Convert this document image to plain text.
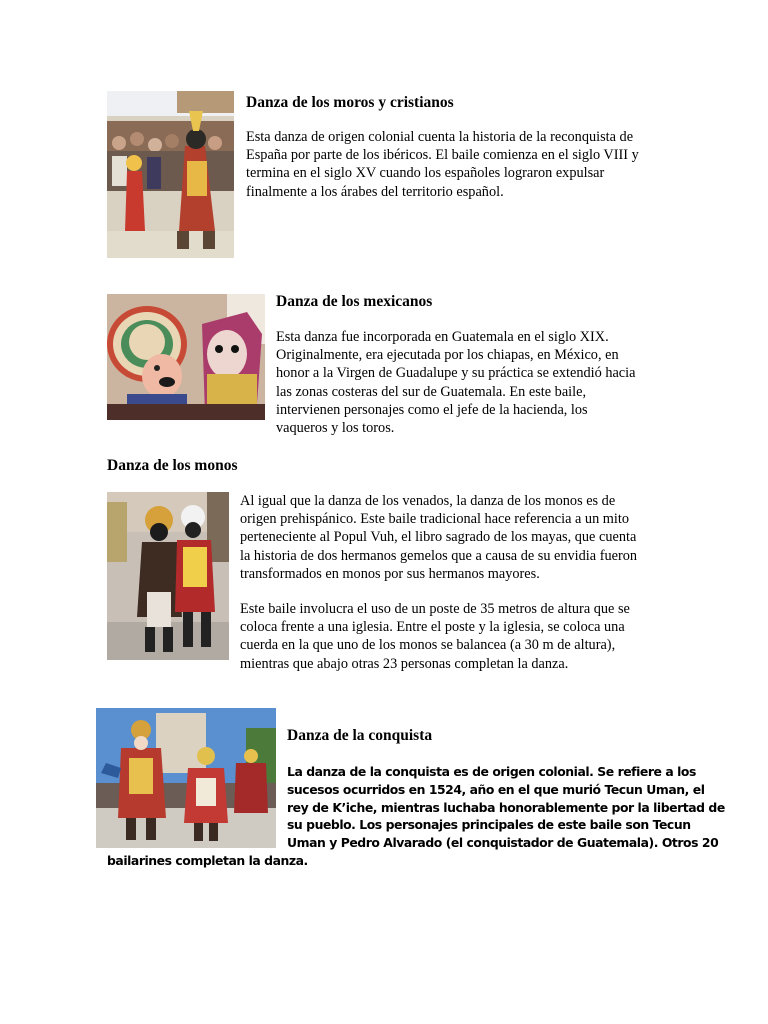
Danza de los moros y cristianos

Esta danza de origen colonial cuenta la historia de la reconquista de

España por parte de los ibéricos. El baile comienza en el siglo VIII y

termina en el siglo XV cuando los españoles lograron expulsar

finalmente a los árabes del territorio español.

Danza de los mexicanos

Esta danza fue incorporada en Guatemala en el siglo XIX.

Originalmente, era ejecutada por los chiapas, en México, en

honor a la Virgen de Guadalupe y su práctica se extendió hacia

las zonas costeras del sur de Guatemala. En este baile,

intervienen personajes como el jefe de la hacienda, los

vaqueros y los toros.

Danza de los monos

Al igual que la danza de los venados, la danza de los monos es de

origen prehispánico. Este baile tradicional hace referencia a un mito

perteneciente al Popul Vuh, el libro sagrado de los mayas, que cuenta

la historia de dos hermanos gemelos que a causa de su envidia fueron

transformados en monos por sus hermanos mayores.

Este baile involucra el uso de un poste de 35 metros de altura que se

coloca frente a una iglesia. Entre el poste y la iglesia, se coloca una

cuerda en la que uno de los monos se balancea (a 30 m de altura),

mientras que abajo otras 23 personas completan la danza.

Danza de la conquista

La danza de la conquista es de origen colonial. Se refiere a los

sucesos ocurridos en 1524, año en el que murió Tecun Uman, el

rey de K’iche, mientras luchaba honorablemente por la libertad de

su pueblo. Los personajes principales de este baile son Tecun

Uman y Pedro Alvarado (el conquistador de Guatemala). Otros 20

bailarines completan la danza.
